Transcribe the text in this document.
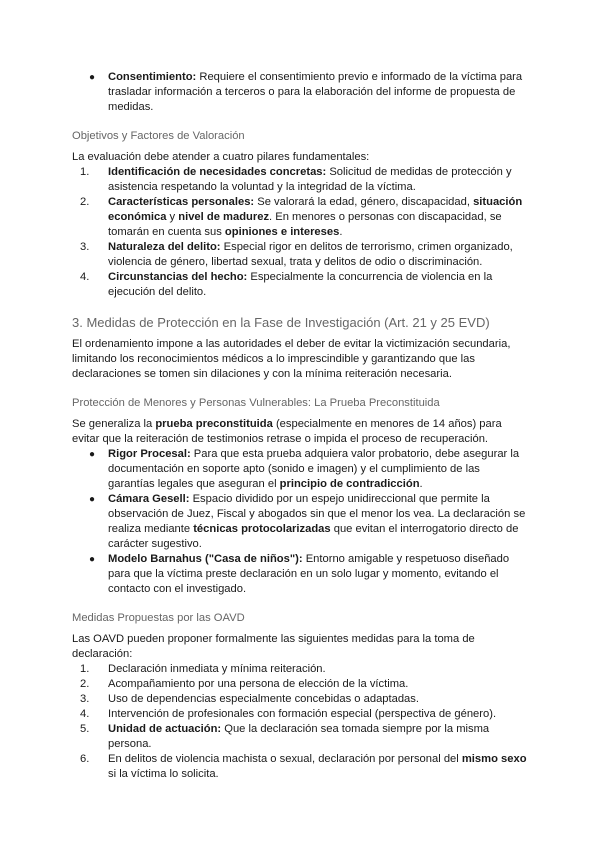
● Consentimiento: Requiere el consentimiento previo e informado de la víctima para trasladar información a terceros o para la elaboración del informe de propuesta de medidas.
Objetivos y Factores de Valoración

La evaluación debe atender a cuatro pilares fundamentales:

1. Identificación de necesidades concretas: Solicitud de medidas de protección y asistencia respetando la voluntad y la integridad de la víctima.
2. Características personales: Se valorará la edad, género, discapacidad, situación económica y nivel de madurez. En menores o personas con discapacidad, se tomarán en cuenta sus opiniones e intereses.
3. Naturaleza del delito: Especial rigor en delitos de terrorismo, crimen organizado, violencia de género, libertad sexual, trata y delitos de odio o discriminación.
4. Circunstancias del hecho: Especialmente la concurrencia de violencia en la ejecución del delito.
3. Medidas de Protección en la Fase de Investigación (Art. 21 y 25 EVD)

El ordenamiento impone a las autoridades el deber de evitar la victimización secundaria, limitando los reconocimientos médicos a lo imprescindible y garantizando que las declaraciones se tomen sin dilaciones y con la mínima reiteración necesaria.

Protección de Menores y Personas Vulnerables: La Prueba Preconstituida

Se generaliza la prueba preconstituida (especialmente en menores de 14 años) para evitar que la reiteración de testimonios retrase o impida el proceso de recuperación.

● Rigor Procesal: Para que esta prueba adquiera valor probatorio, debe asegurar la documentación en soporte apto (sonido e imagen) y el cumplimiento de las garantías legales que aseguran el principio de contradicción.
● Cámara Gesell: Espacio dividido por un espejo unidireccional que permite la observación de Juez, Fiscal y abogados sin que el menor los vea. La declaración se realiza mediante técnicas protocolarizadas que evitan el interrogatorio directo de carácter sugestivo.
● Modelo Barnahus ("Casa de niños"): Entorno amigable y respetuoso diseñado para que la víctima preste declaración en un solo lugar y momento, evitando el contacto con el investigado.
Medidas Propuestas por las OAVD

Las OAVD pueden proponer formalmente las siguientes medidas para la toma de declaración:

1. Declaración inmediata y mínima reiteración.
2. Acompañamiento por una persona de elección de la víctima.
3. Uso de dependencias especialmente concebidas o adaptadas.
4. Intervención de profesionales con formación especial (perspectiva de género).
5. Unidad de actuación: Que la declaración sea tomada siempre por la misma persona.
6. En delitos de violencia machista o sexual, declaración por personal del mismo sexo si la víctima lo solicita.
